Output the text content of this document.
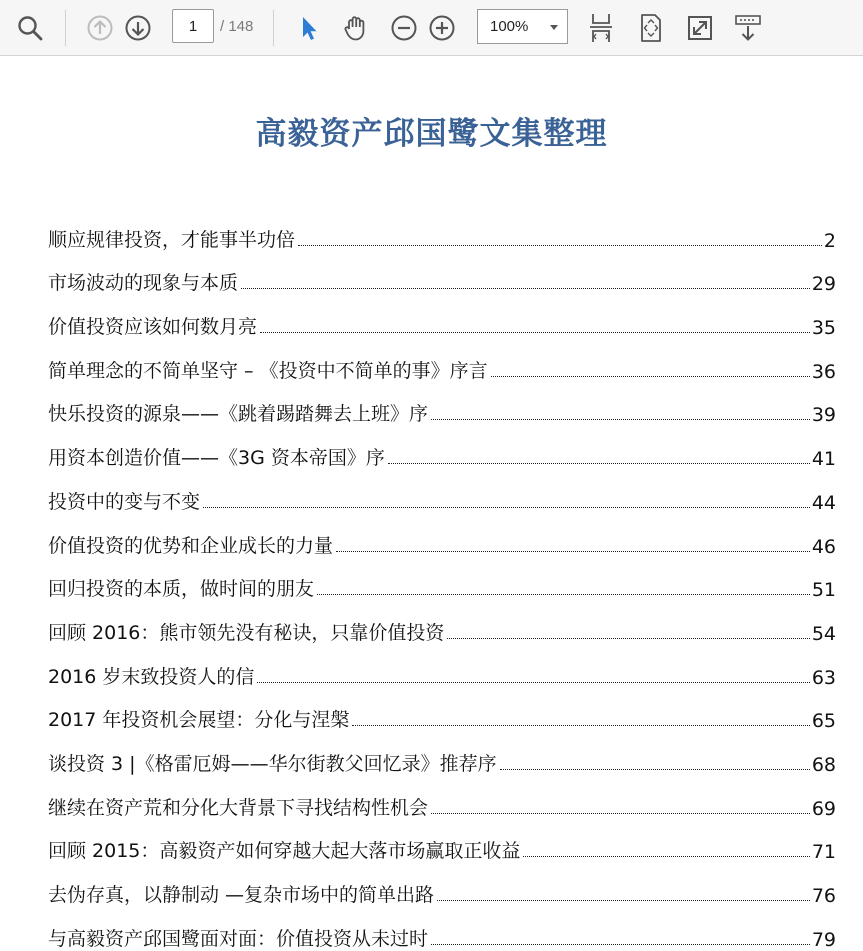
1
/ 148	100%
高毅资产邱国鹭文集整理
顺应规律投资，才能事半功倍	2
市场波动的现象与本质	29
价值投资应该如何数月亮	35
简单理念的不简单坚守 – 《投资中不简单的事》序言	36
快乐投资的源泉——《跳着踢踏舞去上班》序	39
用资本创造价值——《3G 资本帝国》序	41
投资中的变与不变	44
价值投资的优势和企业成长的力量	46
回归投资的本质，做时间的朋友	51
回顾 2016：熊市领先没有秘诀，只靠价值投资	54
2016 岁末致投资人的信	63
2017 年投资机会展望：分化与涅槃	65
谈投资 3 |《格雷厄姆——华尔街教父回忆录》推荐序	68
继续在资产荒和分化大背景下寻找结构性机会	69
回顾 2015：高毅资产如何穿越大起大落市场赢取正收益	71
去伪存真，以静制动 —复杂市场中的简单出路	76
与高毅资产邱国鹭面对面：价值投资从未过时	79
